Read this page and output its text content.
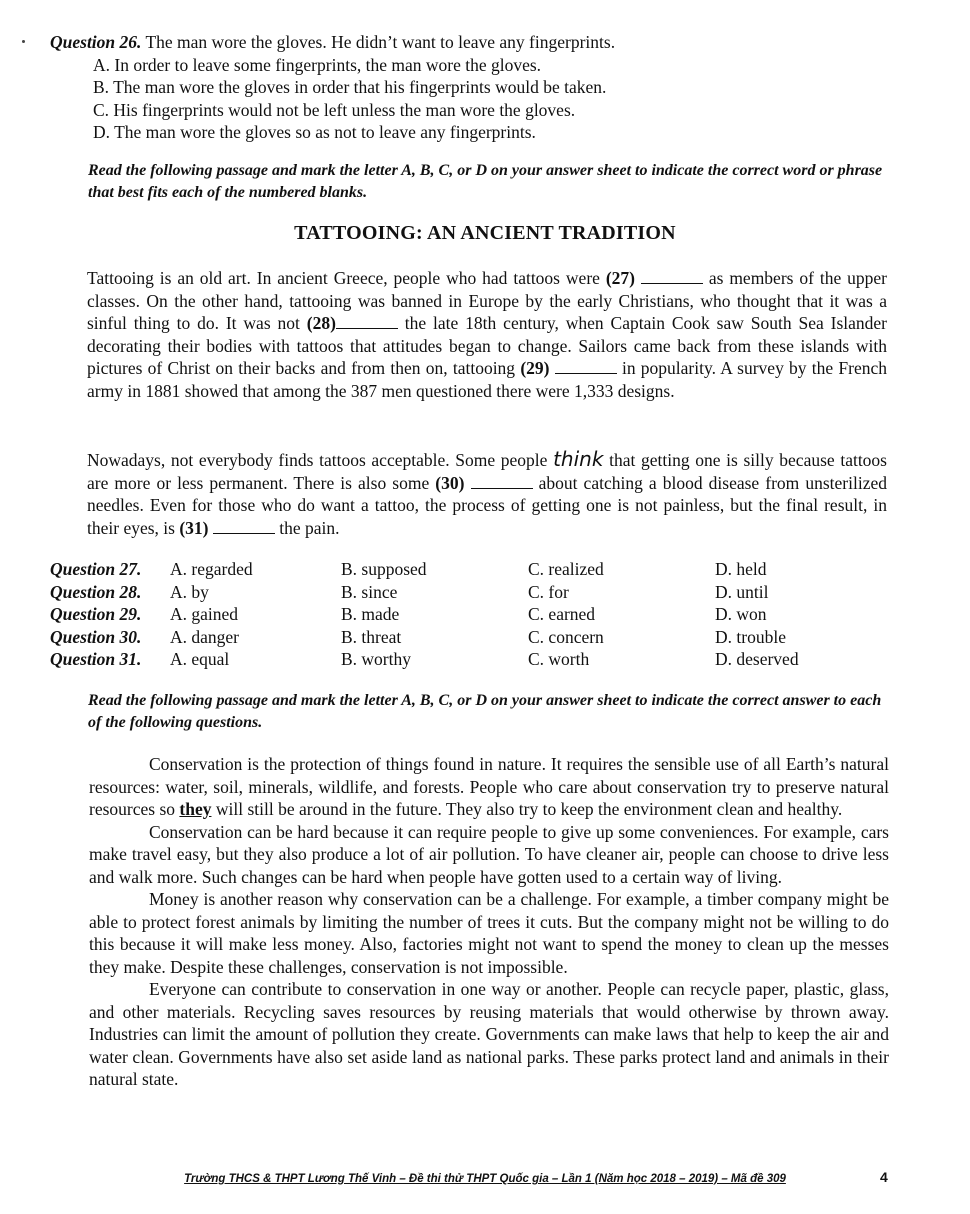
Question 26. The man wore the gloves. He didn’t want to leave any fingerprints.
A. In order to leave some fingerprints, the man wore the gloves.
B. The man wore the gloves in order that his fingerprints would be taken.
C. His fingerprints would not be left unless the man wore the gloves.
D. The man wore the gloves so as not to leave any fingerprints.
Read the following passage and mark the letter A, B, C, or D on your answer sheet to indicate the correct word or phrase that best fits each of the numbered blanks.
TATTOOING: AN ANCIENT TRADITION

Tattooing is an old art. In ancient Greece, people who had tattoos were (27)	as members of the upper classes. On the other hand, tattooing was banned in Europe by the early Christians, who thought that it was a sinful thing to do. It was not (28)	the late 18th century, when Captain Cook saw South Sea Islander decorating their bodies with tattoos that attitudes began to change. Sailors came back from these islands with pictures of Christ on their backs and from then on, tattooing (29)	in popularity. A survey by the French army in 1881 showed that among the 387 men questioned there were 1,333 designs.

Nowadays, not everybody finds tattoos acceptable. Some people think that getting one is silly because tattoos are more or less permanent. There is also some (30)	about catching a blood disease from unsterilized needles. Even for those who do want a tattoo, the process of getting one is not painless, but the final result, in their eyes, is (31)	the pain.

Question 27.	A. regarded	B. supposed	C. realized	D. held
Question 28.	A. by	B. since	C. for	D. until
Question 29.	A. gained	B. made	C. earned	D. won
Question 30.	A. danger	B. threat	C. concern	D. trouble
Question 31.	A. equal	B. worthy	C. worth	D. deserved
Read the following passage and mark the letter A, B, C, or D on your answer sheet to indicate the correct answer to each of the following questions.

Conservation is the protection of things found in nature. It requires the sensible use of all Earth’s natural resources: water, soil, minerals, wildlife, and forests. People who care about conservation try to preserve natural resources so they will still be around in the future. They also try to keep the environment clean and healthy.

Conservation can be hard because it can require people to give up some conveniences. For example, cars make travel easy, but they also produce a lot of air pollution. To have cleaner air, people can choose to drive less and walk more. Such changes can be hard when people have gotten used to a certain way of living.

Money is another reason why conservation can be a challenge. For example, a timber company might be able to protect forest animals by limiting the number of trees it cuts. But the company might not be willing to do this because it will make less money. Also, factories might not want to spend the money to clean up the messes they make. Despite these challenges, conservation is not impossible.

Everyone can contribute to conservation in one way or another. People can recycle paper, plastic, glass, and other materials. Recycling saves resources by reusing materials that would otherwise by thrown away. Industries can limit the amount of pollution they create. Governments can make laws that help to keep the air and water clean. Governments have also set aside land as national parks. These parks protect land and animals in their natural state.

Trường THCS & THPT Lương Thế Vinh – Đề thi thử THPT Quốc gia – Lần 1 (Năm học 2018 – 2019) – Mã đề 309	4
